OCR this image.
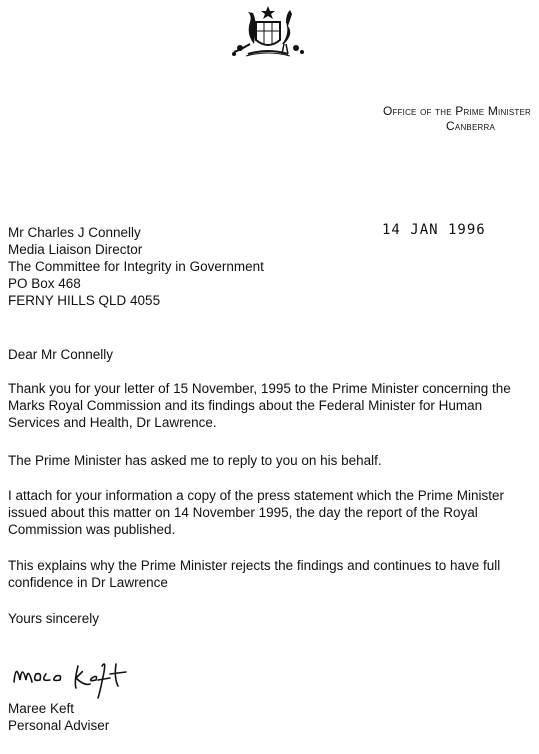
Office of the Prime Minister
Canberra
14 JAN 1996
Mr Charles J Connelly
Media Liaison Director
The Committee for Integrity in Government
PO Box 468
FERNY HILLS QLD 4055
Dear Mr Connelly
Thank you for your letter of 15 November, 1995 to the Prime Minister concerning the Marks Royal Commission and its findings about the Federal Minister for Human Services and Health, Dr Lawrence.
The Prime Minister has asked me to reply to you on his behalf.
I attach for your information a copy of the press statement which the Prime Minister issued about this matter on 14 November 1995, the day the report of the Royal Commission was published.
This explains why the Prime Minister rejects the findings and continues to have full confidence in Dr Lawrence
Yours sincerely
Maree Keft
Personal Adviser
